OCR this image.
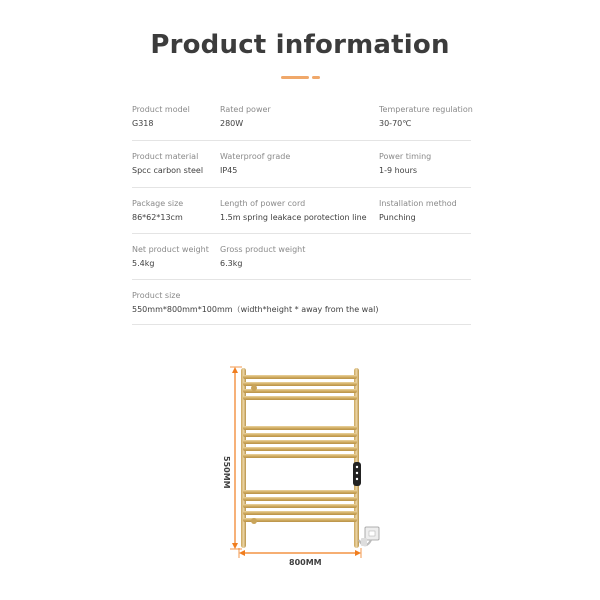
Product information
Product model
G318
Rated power
280W
Temperature regulation
30-70℃
Product material
Spcc carbon steel
Waterproof grade
IP45
Power timing
1-9 hours
Package size
86*62*13cm
Length of power cord
1.5m spring leakace porotection line
Installation method
Punching
Net product weight
5.4kg
Gross product weight
6.3kg
Product size
550mm*800mm*100mm（width*height * away from the wal)
550MM
800MM
